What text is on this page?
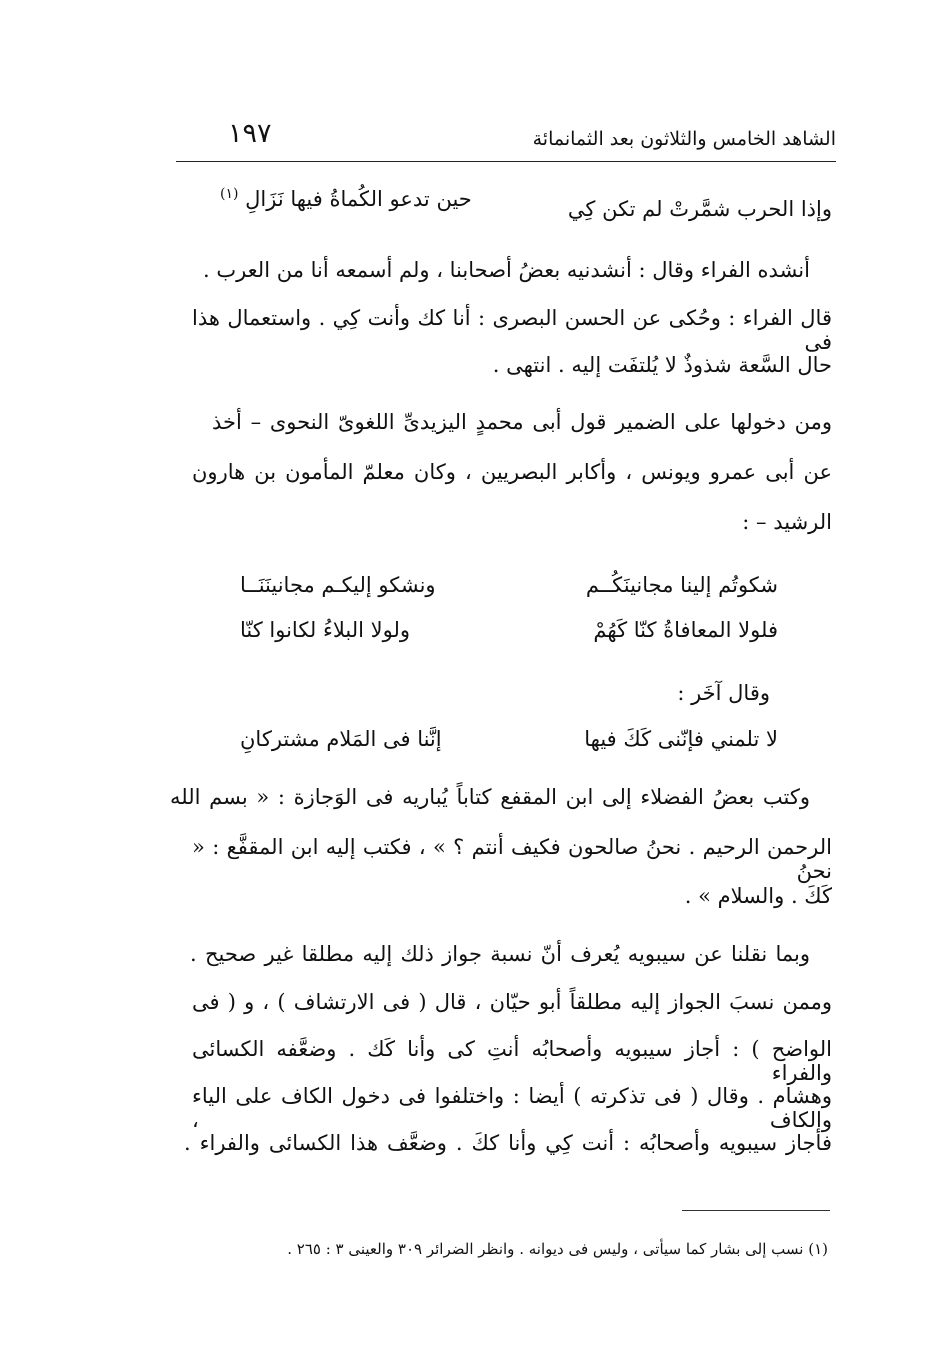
الشاهد الخامس والثلاثون بعد الثمانمائة
١٩٧
وإذا الحرب شمَّرتْ لم تكن كِي
حين تدعو الكُماةُ فيها نَزَالِ $^{(١)}$
أنشده الفراء وقال : أنشدنيه بعضُ أصحابنا ، ولم أسمعه أنا من العرب .
قال الفراء : وحُكى عن الحسن البصرى : أنا كك وأنت كِي . واستعمال هذا فى
حال السَّعة شذوذٌ لا يُلتفَت إليه . انتهى .
ومن دخولها على الضمير قول أبى محمدٍ اليزيدىِّ اللغوىّ النحوى – أخذ
عن أبى عمرو ويونس ، وأكابر البصريين ، وكان معلمّ المأمون بن هارون
الرشيد – :
شكوتُم إلينا مجانينَكُــم
ونشكو إليكـم مجانينَنَــا
فلولا المعافاةُ كنّا كَهُمْ
ولولا البلاءُ لكانوا كنّا
وقال آخَر :
لا تلمني فإنّنى كَكَ فيها
إنَّنا فى المَلام مشتركانِ
وكتب بعضُ الفضلاء إلى ابن المقفع كتاباً يُباريه فى الوَجازة : « بسم الله
الرحمن الرحيم . نحنُ صالحون فكيف أنتم ؟ » ، فكتب إليه ابن المقفَّع : « نحنُ
كَكَ . والسلام » .
وبما نقلنا عن سيبويه يُعرف أنّ نسبة جواز ذلك إليه مطلقا غير صحيح .
وممن نسبَ الجواز إليه مطلقاً أبو حيّان ، قال ( فى الارتشاف ) ، و ( فى
الواضح ) : أجاز سيبويه وأصحابُه أنتِ كى وأنا كَك . وضعَّفه الكسائى والفراء
وهشام . وقال ( فى تذكرته ) أيضا : واختلفوا فى دخول الكاف على الياء والكاف ،
فأجاز سيبويه وأصحابُه : أنت كِي وأنا ككَ . وضعَّف هذا الكسائى والفراء .
(١) نسب إلى بشار كما سيأتى ، وليس فى ديوانه . وانظر الضرائر ٣٠٩ والعينى ٣ : ٢٦٥ .
